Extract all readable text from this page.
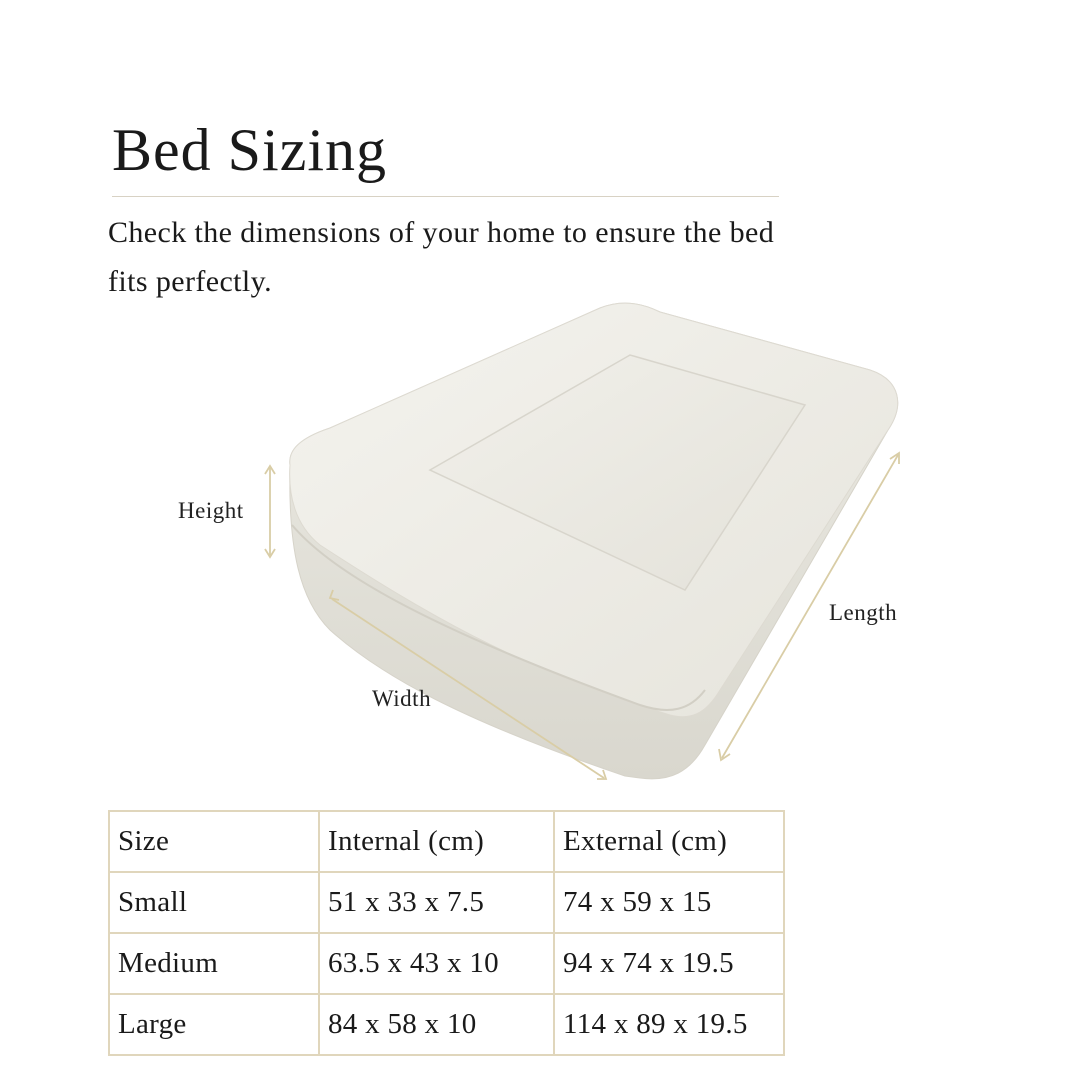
Bed Sizing

Check the dimensions of your home to ensure the bed fits perfectly.

Height
Width
Length
Size	Internal (cm)	External (cm)
Small	51 x 33 x 7.5	74 x 59 x 15
Medium	63.5 x 43 x 10	94 x 74 x 19.5
Large	84 x 58 x 10	114 x 89 x 19.5
